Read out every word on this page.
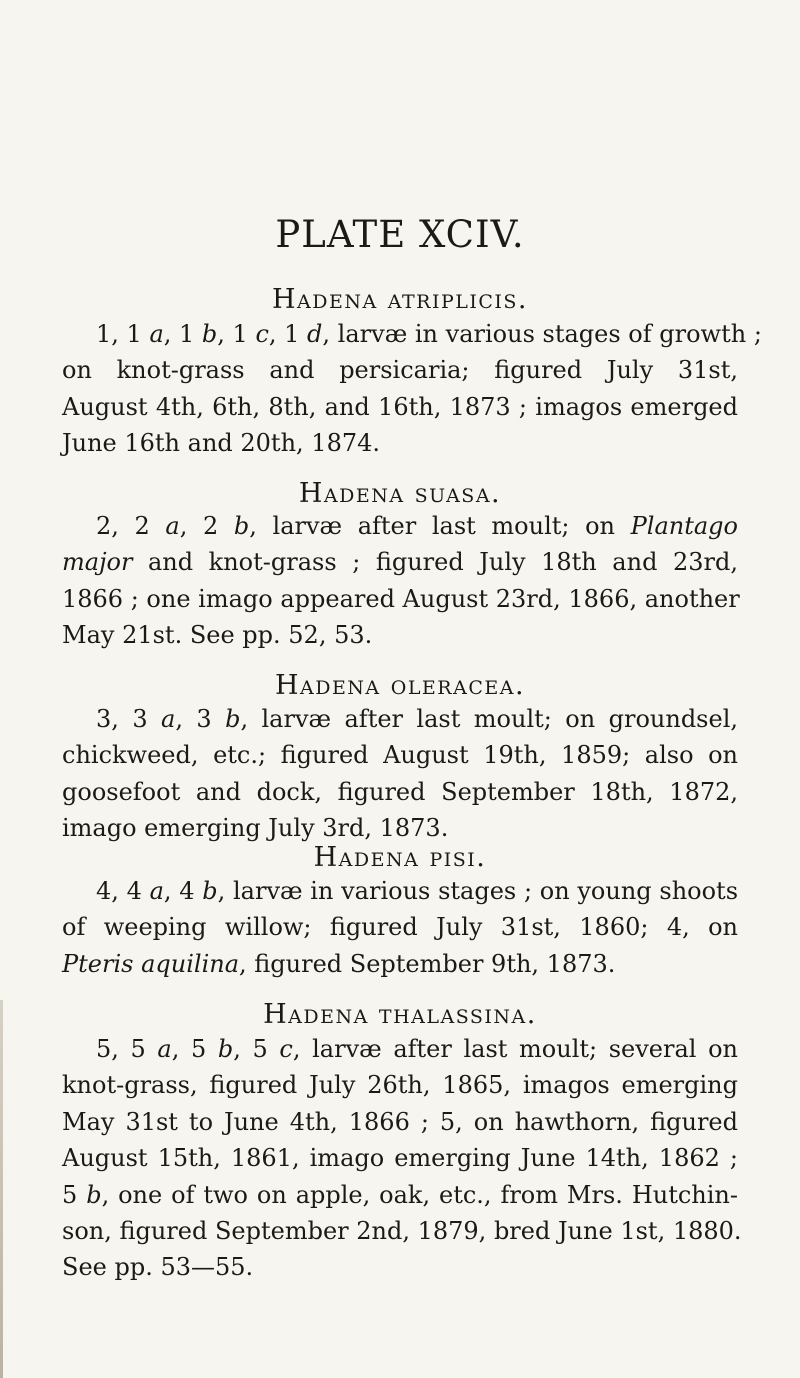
PLATE XCIV.
Hadena atriplicis.
1, 1 a, 1 b, 1 c, 1 d, larvæ in various stages of growth ;
on knot-grass and persicaria; figured July 31st,
August 4th, 6th, 8th, and 16th, 1873 ; imagos emerged
June 16th and 20th, 1874.
Hadena suasa.
2, 2 a, 2 b, larvæ after last moult; on Plantago
major and knot-grass ; figured July 18th and 23rd,
1866 ; one imago appeared August 23rd, 1866, another
May 21st. See pp. 52, 53.
Hadena oleracea.
3, 3 a, 3 b, larvæ after last moult; on groundsel,
chickweed, etc.; figured August 19th, 1859; also on
goosefoot and dock, figured September 18th, 1872,
imago emerging July 3rd, 1873.
Hadena pisi.
4, 4 a, 4 b, larvæ in various stages ; on young shoots
of weeping willow; figured July 31st, 1860; 4, on
Pteris aquilina, figured September 9th, 1873.
Hadena thalassina.
5, 5 a, 5 b, 5 c, larvæ after last moult; several on
knot-grass, figured July 26th, 1865, imagos emerging
May 31st to June 4th, 1866 ; 5, on hawthorn, figured
August 15th, 1861, imago emerging June 14th, 1862 ;
5 b, one of two on apple, oak, etc., from Mrs. Hutchin-
son, figured September 2nd, 1879, bred June 1st, 1880.
See pp. 53—55.
